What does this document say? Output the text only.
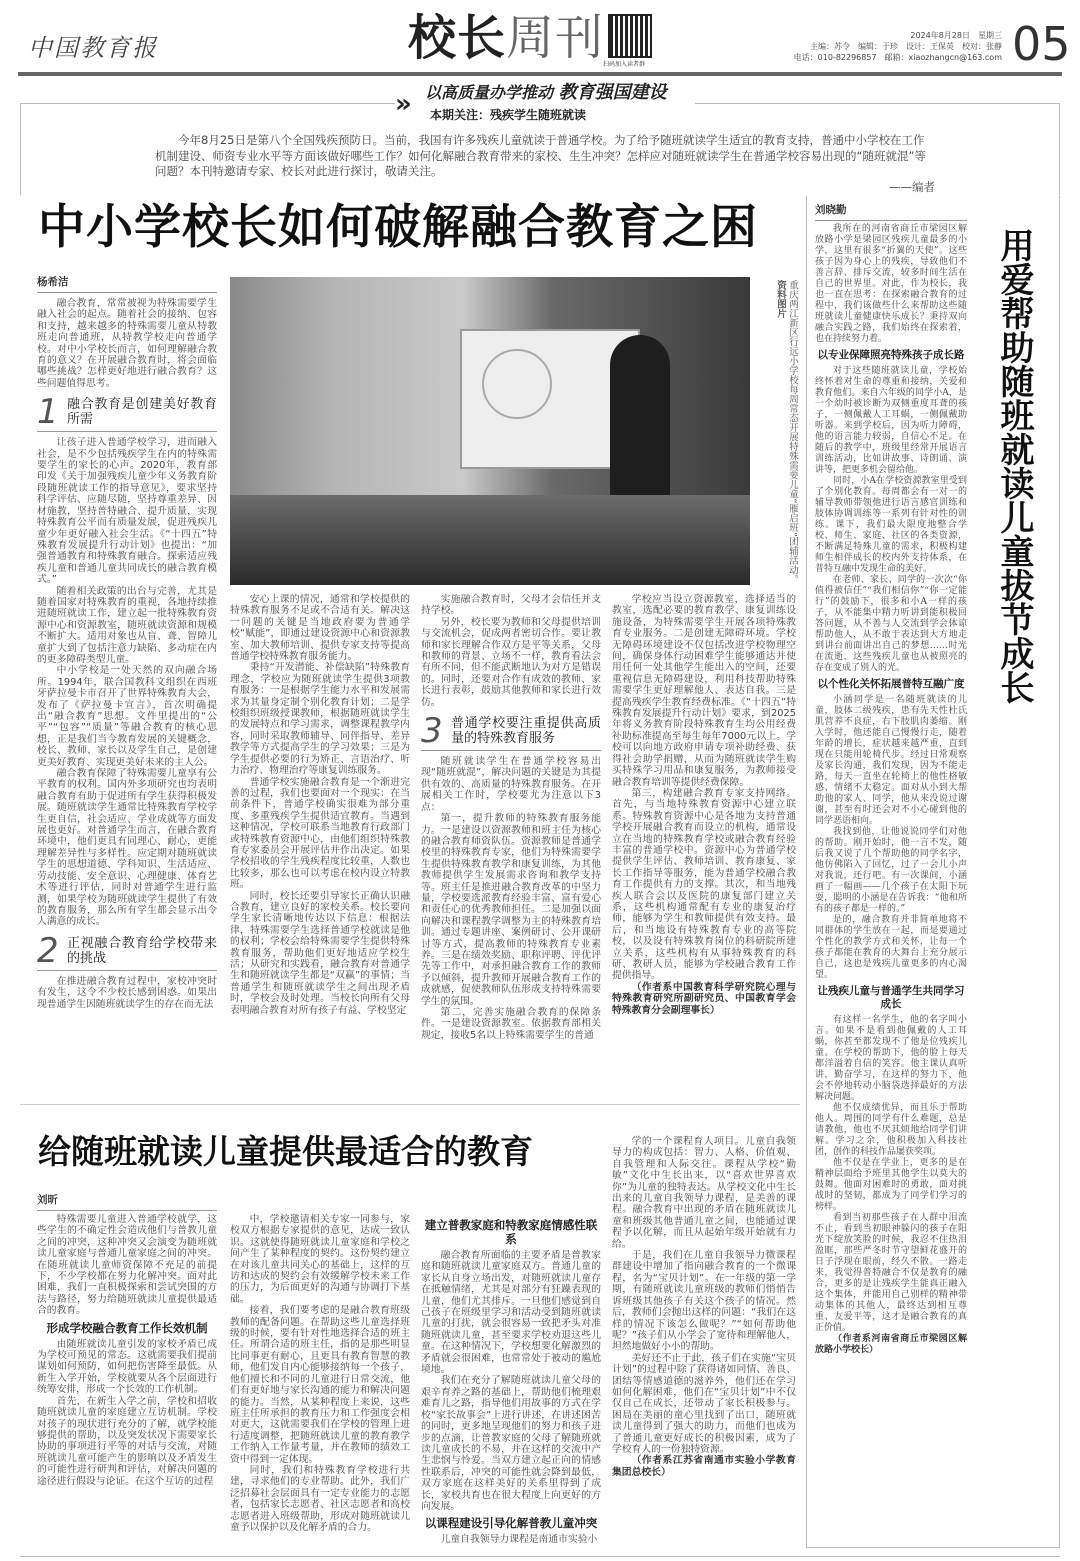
中国教育报	校长周刊
扫码加入读者群
2024年8月28日　星期三
主编：苏令　编辑：于珍　设计：王保英　校对：张静
电话：010-82296857　邮箱：xiaozhangcn@163.com 05
» 以高质量办学推动 教育强国建设
本期关注：残疾学生随班就读
今年8月25日是第八个全国残疾预防日。当前，我国有许多残疾儿童就读于普通学校。为了给予随班就读学生适宜的教育支持，普通中小学校在工作机制建设、师资专业水平等方面该做好哪些工作？如何化解融合教育带来的家校、生生冲突？怎样应对随班就读学生在普通学校容易出现的“随班就混”等问题？本刊特邀请专家、校长对此进行探讨，敬请关注。
——编者
中小学校长如何破解融合教育之困
杨希洁

融合教育，常常被视为特殊需要学生融入社会的起点。随着社会的接纳、包容和支持，越来越多的特殊需要儿童从特教班走向普通班，从特教学校走向普通学校。对中小学校长而言，如何理解融合教育的意义？在开展融合教育时，将会面临哪些挑战？怎样更好地进行融合教育？这些问题值得思考。

1 融合教育是创建美好教育所需

让孩子进入普通学校学习，进而融入社会，是不少包括残疾学生在内的特殊需要学生的家长的心声。2020年，教育部印发《关于加强残疾儿童少年义务教育阶段随班就读工作的指导意见》，要求坚持科学评估、应随尽随，坚持尊重差异、因材施教，坚持普特融合、提升质量，实现特殊教育公平而有质量发展，促进残疾儿童少年更好融入社会生活。《“十四五”特殊教育发展提升行动计划》也提出：“加强普通教育和特殊教育融合。探索适应残疾儿童和普通儿童共同成长的融合教育模式。”

随着相关政策的出台与完善，尤其是随着国家对特殊教育的重视，各地持续推进随班就读工作，建立起一批特殊教育资源中心和资源教室，随班就读资源和规模不断扩大。适用对象也从盲、聋、智障儿童扩大到了包括注意力缺陷、多动症在内的更多障碍类型儿童。

中小学校是一处天然的双向融合场所。1994年，联合国教科文组织在西班牙萨拉曼卡市召开了世界特殊教育大会，发布了《萨拉曼卡宣言》，首次明确提出“融合教育”思想。文件里提出的“公平”“包容”“质量”等融合教育的核心思想，正是我们当今教育发展的关键概念，校长、教师、家长以及学生自己，是创建更美好教育、实现更美好未来的主人公。

融合教育保障了特殊需要儿童享有公平教育的权利。国内外多项研究也均表明融合教育有助于促进所有学生获得积极发展。随班就读学生通常比特殊教育学校学生更自信，社会适应、学业成就等方面发展也更好。对普通学生而言，在融合教育环境中，他们更具有同理心、耐心，更能理解差异性与多样性。应定期对随班就读学生的思想道德、学科知识、生活适应、劳动技能、安全意识、心理健康、体育艺术等进行评估，同时对普通学生进行监测，如果学校为随班就读学生提供了有效的教育服务，那么所有学生都会显示出令人满意的成长。

2 正视融合教育给学校带来的挑战

在推进融合教育过程中，家校冲突时有发生，这令不少校长感到困惑。如果出现普通学生因随班就读学生的存在而无法

重庆两江新区行远小学校每周常态开展特殊需要儿童“雁启班”团辅活动。 资料图片

安心上课的情况，通常和学校提供的特殊教育服务不足或不合适有关。解决这一问题的关键是当地政府要为普通学校“赋能”，即通过建设资源中心和资源教室、加大教师培训、提供专家支持等提高普通学校特殊教育服务能力。

秉持“开发潜能、补偿缺陷”特殊教育理念，学校应为随班就读学生提供3项教育服务：一是根据学生能力水平和发展需求为其量身定制个别化教育计划；二是学校组织班级授课教师，根据随班就读学生的发展特点和学习需求，调整课程教学内容，同时采取教师辅导、同伴指导、差异教学等方式提高学生的学习效果；三是为学生提供必要的行为矫正、言语治疗、听力治疗、物理治疗等康复训练服务。

普通学校实施融合教育是一个渐进完善的过程，我们也要面对一个现实：在当前条件下，普通学校确实很难为部分重度、多重残疾学生提供适宜教育。当遇到这种情况，学校可联系当地教育行政部门或特殊教育资源中心，由他们组织特殊教育专家委员会开展评估并作出决定。如果学校招收的学生残疾程度比较重，人数也比较多，那么也可以考虑在校内设立特教班。

同时，校长还要引导家长正确认识融合教育，建立良好的家校关系。校长要向学生家长清晰地传达以下信息：根据法律，特殊需要学生选择普通学校就读是他的权利；学校会给特殊需要学生提供特殊教育服务，帮助他们更好地适应学校生活；从研究和实践看，融合教育对普通学生和随班就读学生都是“双赢”的事情；当普通学生和随班就读学生之间出现矛盾时，学校会及时处理。当校长向所有父母表明融合教育对所有孩子有益、学校坚定

实施融合教育时，父母才会信任并支持学校。

另外，校长要为教师和父母提供培训与交流机会，促成两者密切合作。要让教师和家长理解合作双方是平等关系，父母和教师的背景、立场不一样，教育看法会有所不同，但不能武断地认为对方是错误的。同时，还要对合作有成效的教师、家长进行表彰，鼓励其他教师和家长进行效仿。

3 普通学校要注重提供高质量的特殊教育服务

随班就读学生在普通学校容易出现“随班就混”，解决问题的关键是为其提供有效的、高质量的特殊教育服务。在开展相关工作时，学校要尤为注意以下3点：

第一，提升教师的特殊教育服务能力。一是建设以资源教师和班主任为核心的融合教育师资队伍。资源教师是普通学校里的特殊教育专家，他们为特殊需要学生提供特殊教育教学和康复训练，为其他教师提供学生发展需求咨询和教学支持等。班主任是推进融合教育改革的中坚力量，学校要选派教育经验丰富、富有爱心和责任心的优秀教师担任。二是加强以面向解决和课程教学调整为主的特殊教育培训。通过专题讲座、案例研讨、公开课研讨等方式，提高教师的特殊教育专业素养。三是在绩效奖励、职称评聘、评优评先等工作中，对承担融合教育工作的教师予以倾斜，提升教师开展融合教育工作的成就感，促使教师队伍形成支持特殊需要学生的氛围。

第二，完善实施融合教育的保障条件。一是建设资源教室。依据教育部相关规定，接收5名以上特殊需要学生的普通

学校应当设立资源教室，选择适当的教室，选配必要的教育教学、康复训练设施设备，为特殊需要学生开展各项特殊教育专业服务。二是创建无障碍环境。学校无障碍环境建设不仅包括改进学校物理空间，确保身体行动困难学生能够通达并使用任何一处其他学生能出入的空间，还要重视信息无障碍建设，利用科技帮助特殊需要学生更好理解他人、表达自我。三是提高残疾学生教育经费标准。《“十四五”特殊教育发展提升行动计划》要求，到2025年将义务教育阶段特殊教育生均公用经费补助标准提高至每生每年7000元以上。学校可以向地方政府申请专项补助经费、获得社会助学捐赠，从而为随班就读学生购买特殊学习用品和康复服务，为教师接受融合教育培训等提供经费保障。

第三，构建融合教育专家支持网络。首先，与当地特殊教育资源中心建立联系。特殊教育资源中心是各地为支持普通学校开展融合教育而设立的机构，通常设立在当地的特殊教育学校或融合教育经验丰富的普通学校中。资源中心为普通学校提供学生评估、教师培训、教育康复、家长工作指导等服务，能为普通学校融合教育工作提供有力的支撑。其次，和当地残疾人联合会以及医院的康复部门建立关系，这些机构通常配有专业的康复治疗师，能够为学生和教师提供有效支持。最后，和当地设有特殊教育专业的高等院校，以及设有特殊教育岗位的科研院所建立关系，这些机构有从事特殊教育的科研、教研人员，能够为学校融合教育工作提供指导。

（作者系中国教育科学研究院心理与特殊教育研究所副研究员、中国教育学会特殊教育分会副理事长）

给随班就读儿童提供最适合的教育
刘昕

特殊需要儿童进入普通学校就学，这些学生的不确定性会造成他们与普教儿童之间的冲突，这种冲突又会演变为随班就读儿童家庭与普通儿童家庭之间的冲突。在随班就读儿童师资保障不充足的前提下，不少学校都在努力化解冲突。面对此困难，我们一直积极探索和尝试突围的方法与路径，努力给随班就读儿童提供最适合的教育。

形成学校融合教育工作长效机制

由随班就读儿童引发的家校矛盾已成为学校可预见的常态。这就需要我们提前谋划如何预防，如何把伤害降至最低。从新生入学开始，学校就要从各个层面进行统筹安排，形成一个长效的工作机制。

首先，在新生入学之前，学校和招收随班就读儿童的家庭建立互访机制。学校对孩子的现状进行充分的了解，就学校能够提供的帮助，以及突发状况下需要家长协助的事项进行平等的对话与交流，对随班就读儿童可能产生的影响以及矛盾发生的可能性进行研判和评估，对解决问题的途径进行假设与论证。在这个互访的过程

中，学校邀请相关专家一同参与，家校双方根据专家提供的意见，达成一致认识。这就使得随班就读儿童家庭和学校之间产生了某种程度的契约。这份契约建立在对该儿童共同关心的基础上，这样的互访和达成的契约会有效缓解学校未来工作的压力，为后面更好的沟通与协调打下基础。

接着，我们要考虑的是融合教育班级教师的配备问题。在帮助这些儿童选择班级的时候，要有针对性地选择合适的班主任。所谓合适的班主任，指的是那些明显比同事更有耐心，且更具有教育智慧的教师，他们发自内心能够接纳每一个孩子，他们擅长和不同的儿童进行日常交流，他们有更好地与家长沟通的能力和解决问题的能力。当然，从某种程度上来说，这些班主任所承担的教育压力和工作强度会相对更大，这就需要我们在学校的管理上进行适度调整，把随班就读儿童的教育教学工作纳入工作量考量，并在教师的绩效工资中得到一定体现。

同时，我们和特殊教育学校进行共建，寻求他们的专业帮助。此外，我们广泛招募社会层面具有一定专业能力的志愿者，包括家长志愿者、社区志愿者和高校志愿者进入班级帮助，形成对随班就读儿童予以保护以及化解矛盾的合力。

建立普教家庭和特教家庭情感性联系

融合教育所面临的主要矛盾是普教家庭和随班就读儿童家庭双方。普通儿童的家长从自身立场出发，对随班就读儿童存在抵触情绪，尤其是对部分有狂躁表现的儿童，他们尤其排斥。一旦他们感觉到自己孩子在班级里学习和活动受到随班就读儿童的打扰，就会很容易一致把矛头对准随班就读儿童，甚至要求学校劝退这些儿童。在这种情况下，学校想要化解激烈的矛盾就会很困难，也常常处于被动的尴尬境地。

我们在充分了解随班就读儿童父母的艰辛育养之路的基础上，帮助他们梳理艰难育儿之路，指导他们用故事的方式在学校“家长故事会”上进行讲述，在讲述困苦的同时，更多地呈现他们的努力和孩子进步的点滴，让普教家庭的父母了解随班就读儿童成长的不易，并在这样的交流中产生悲悯与怜爱。当双方建立起正向的情感性联系后，冲突的可能性就会降到最低，双方家庭在这样美好的关系里得到了成长，家校共育也在很大程度上向更好的方向发展。

以课程建设引导化解普教儿童冲突

儿童自我领导力课程是南通市实验小

学的一个课程育人项目。儿童自我领导力的构成包括：智力、人格、价值观、自我管理和人际交往。课程从学校“勤敏”文化中生长出来，以“喜欢世界喜欢你”为儿童的独特表达。从学校文化中生长出来的儿童自我领导力课程，是美善的课程。融合教育中出现的矛盾在随班就读儿童和班级其他普通儿童之间，也能通过课程予以化解，而且从起始年级开始就有力给。

于是，我们在儿童自我领导力微课程群建设中增加了指向融合教育的一个微课程，名为“宝贝计划”。在一年级的第一学期，有随班就读儿童班级的教师们悄悄告诉班级其他孩子有关这个孩子的情况。然后，教师们会抛出这样的问题：“我们在这样的情况下该怎么做呢？”“如何帮助他呢？”孩子们从小学会了宽待和理解他人，坦然地做好小小的帮助。

美好还不止于此，孩子们在实施“宝贝计划”的过程中除了获得诸如同情、善良、团结等情感道德的滋养外，他们还在学习如何化解困难，他们在“宝贝计划”中不仅仅自己在成长，还带动了家长积极参与。困局在美丽的童心里找到了出口，随班就读儿童得到了强大的助力，而他们也成为了普通儿童更好成长的积极因素，成为了学校育人的一份独特资源。

（作者系江苏省南通市实验小学教育集团总校长）

刘晓勤

我所在的河南省商丘市梁园区解放路小学是梁园区残疾儿童最多的小学，这里有很多“折翼的天使”。这些孩子因为身心上的残疾，导致他们不善言辞、排斥交流，较多时间生活在自己的世界里。对此，作为校长，我也一直在思考：在探索融合教育的过程中，我们该做些什么来帮助这些随班就读儿童健康快乐成长？秉持双向融合实践之路，我们始终在探索着，也在持续努力着。

以专业保障照亮特殊孩子成长路

对于这些随班就读儿童，学校始终怀着对生命的尊重和接纳，关爱和教育他们。来自六年级的同学小A，是一个幼时被诊断为双侧重度耳聋的孩子，一侧佩戴人工耳蜗，一侧佩戴助听器。来到学校后，因为听力障碍，他的语言能力较弱，自信心不足。在随后的教学中，班级里经常开展语言训练活动，比如讲故事、诗朗诵、演讲等，把更多机会留给他。

同时，小A在学校资源教室里受到了个别化教育。每周都会有一对一的辅导教师带领他进行语言感官训练和肢体协调训练等一系列有针对性的训练。课下，我们最大限度地整合学校、师生、家庭、社区的各类资源，不断满足特殊儿童的需求，积极构建师生相伴成长的校内外支持体系，在普特互融中发现生命的美好。

在老师、家长、同学的一次次“你值得被信任”“我们相信你”“你一定能行”的鼓励下，很多和小A一样的孩子，从不能集中精力听讲到能积极回答问题，从不善与人交流到学会体谅帮助他人，从不敢于表达到大方地走到讲台前面讲出自己的梦想……时光在流逝，这些残疾儿童也从被照亮的存在变成了别人的光。

以个性化关怀拓展普特互融广度

小涵同学是一名随班就读的儿童，肢体二级残疾，患有先天性杜氏肌营养不良症，右下肢肌肉萎缩。刚入学时，他还能自己慢慢行走，随着年龄的增长，症状越来越严重，直到现在只能用轮椅代步。经过日常观察及家长沟通，我们发现，因为不能走路，每天一直坐在轮椅上的他性格敏感、情绪不太稳定。面对从小到大帮助他的家人、同学，他从来没说过谢谢，甚至有时还会对不小心碰到他的同学恶语相向。

我找到他，让他说说同学们对他的帮助。刚开始时，他一言不发，随后我又说了几个帮助他的同学名字，他仿佛陷入了回忆，过了一会儿小声对我说，还行吧。有一次课间，小涵画了一幅画——几个孩子在太阳下玩耍，聪明的小涵是在告诉我：“他和所有的孩子都是一样的。”

是的，融合教育并非简单地将不同群体的学生放在一起，而是要通过个性化的教学方式和关怀，让每一个孩子都能在教育的大舞台上充分展示自己，这也是残疾儿童更多的内心渴望。

让残疾儿童与普通学生共同学习成长

有这样一名学生，他的名字叫小言。如果不是看到他佩戴的人工耳蜗，你甚至都发现不了他是位残疾儿童。在学校的帮助下，他的脸上每天都洋溢着自信的笑容。他主课认真听讲，勤奋学习，在这样的努力下，他会不停地转动小脑袋选择最好的方法解决问题。

他不仅成绩优异，而且乐于帮助他人。周围的同学有什么难题，总是请教他，他也不厌其烦地给同学们讲解。学习之余，他积极加入科技社团，创作的科技作品屡获奖项。

他不仅是在学业上，更多的是在精神层面给予班里其他学生以莫大的鼓舞。他面对困难时的勇敢，面对挑战时的坚韧，都成为了同学们学习的榜样。

看到当初那些孩子在人群中泪流不止，看到当初眼神躲闪的孩子在阳光下绽放笑脸的时候，我忍不住热泪盈眶，那些严冬时节守望鲜花盛开的日子浮现在眼前，经久不散。一路走来，我觉得普特融合不仅是教育的融合，更多的是让残疾学生能真正融入这个集体，并能用自己别样的精神带动集体的其他人，最终达到相互尊重、友爱平等，这才是融合教育的真正价值。

（作者系河南省商丘市梁园区解放路小学校长）

用爱帮助随班就读儿童拔节成长
